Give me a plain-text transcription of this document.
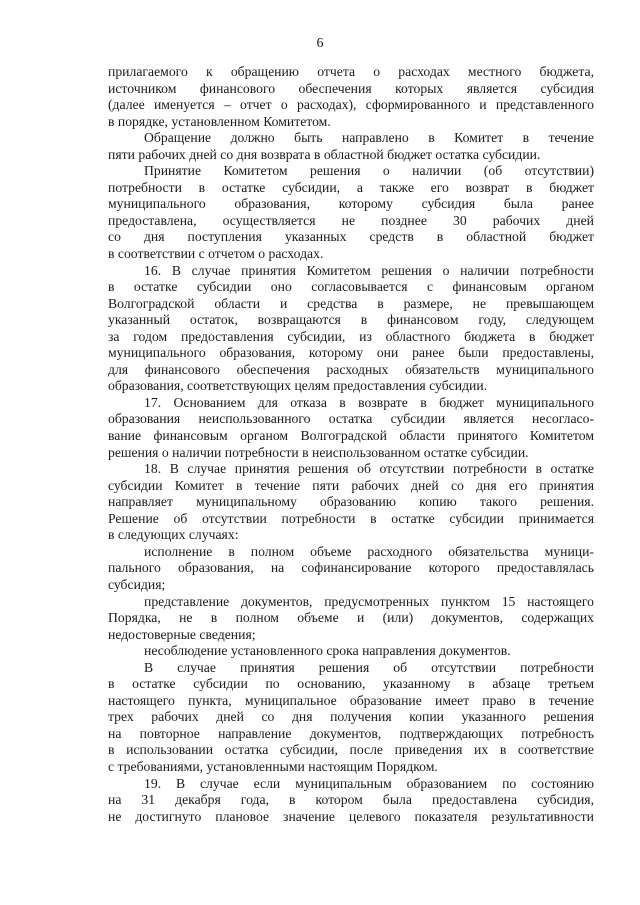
6
прилагаемого к обращению отчета о расходах местного бюджета,
источником финансового обеспечения которых является субсидия
(далее именуется – отчет о расходах), сформированного и представленного
в порядке, установленном Комитетом.
Обращение должно быть направлено в Комитет в течение
пяти рабочих дней со дня возврата в областной бюджет остатка субсидии.
Принятие Комитетом решения о наличии (об отсутствии)
потребности в остатке субсидии, а также его возврат в бюджет
муниципального образования, которому субсидия была ранее
предоставлена, осуществляется не позднее 30 рабочих дней
со дня поступления указанных средств в областной бюджет
в соответствии с отчетом о расходах.
16. В случае принятия Комитетом решения о наличии потребности
в остатке субсидии оно согласовывается с финансовым органом
Волгоградской области и средства в размере, не превышающем
указанный остаток, возвращаются в финансовом году, следующем
за годом предоставления субсидии, из областного бюджета в бюджет
муниципального образования, которому они ранее были предоставлены,
для финансового обеспечения расходных обязательств муниципального
образования, соответствующих целям предоставления субсидии.
17. Основанием для отказа в возврате в бюджет муниципального
образования неиспользованного остатка субсидии является несогласо-
вание финансовым органом Волгоградской области принятого Комитетом
решения о наличии потребности в неиспользованном остатке субсидии.
18. В случае принятия решения об отсутствии потребности в остатке
субсидии Комитет в течение пяти рабочих дней со дня его принятия
направляет муниципальному образованию копию такого решения.
Решение об отсутствии потребности в остатке субсидии принимается
в следующих случаях:
исполнение в полном объеме расходного обязательства муници-
пального образования, на софинансирование которого предоставлялась
субсидия;
представление документов, предусмотренных пунктом 15 настоящего
Порядка, не в полном объеме и (или) документов, содержащих
недостоверные сведения;
несоблюдение установленного срока направления документов.
В случае принятия решения об отсутствии потребности
в остатке субсидии по основанию, указанному в абзаце третьем
настоящего пункта, муниципальное образование имеет право в течение
трех рабочих дней со дня получения копии указанного решения
на повторное направление документов, подтверждающих потребность
в использовании остатка субсидии, после приведения их в соответствие
с требованиями, установленными настоящим Порядком.
19. В случае если муниципальным образованием по состоянию
на 31 декабря года, в котором была предоставлена субсидия,
не достигнуто плановое значение целевого показателя результативности
